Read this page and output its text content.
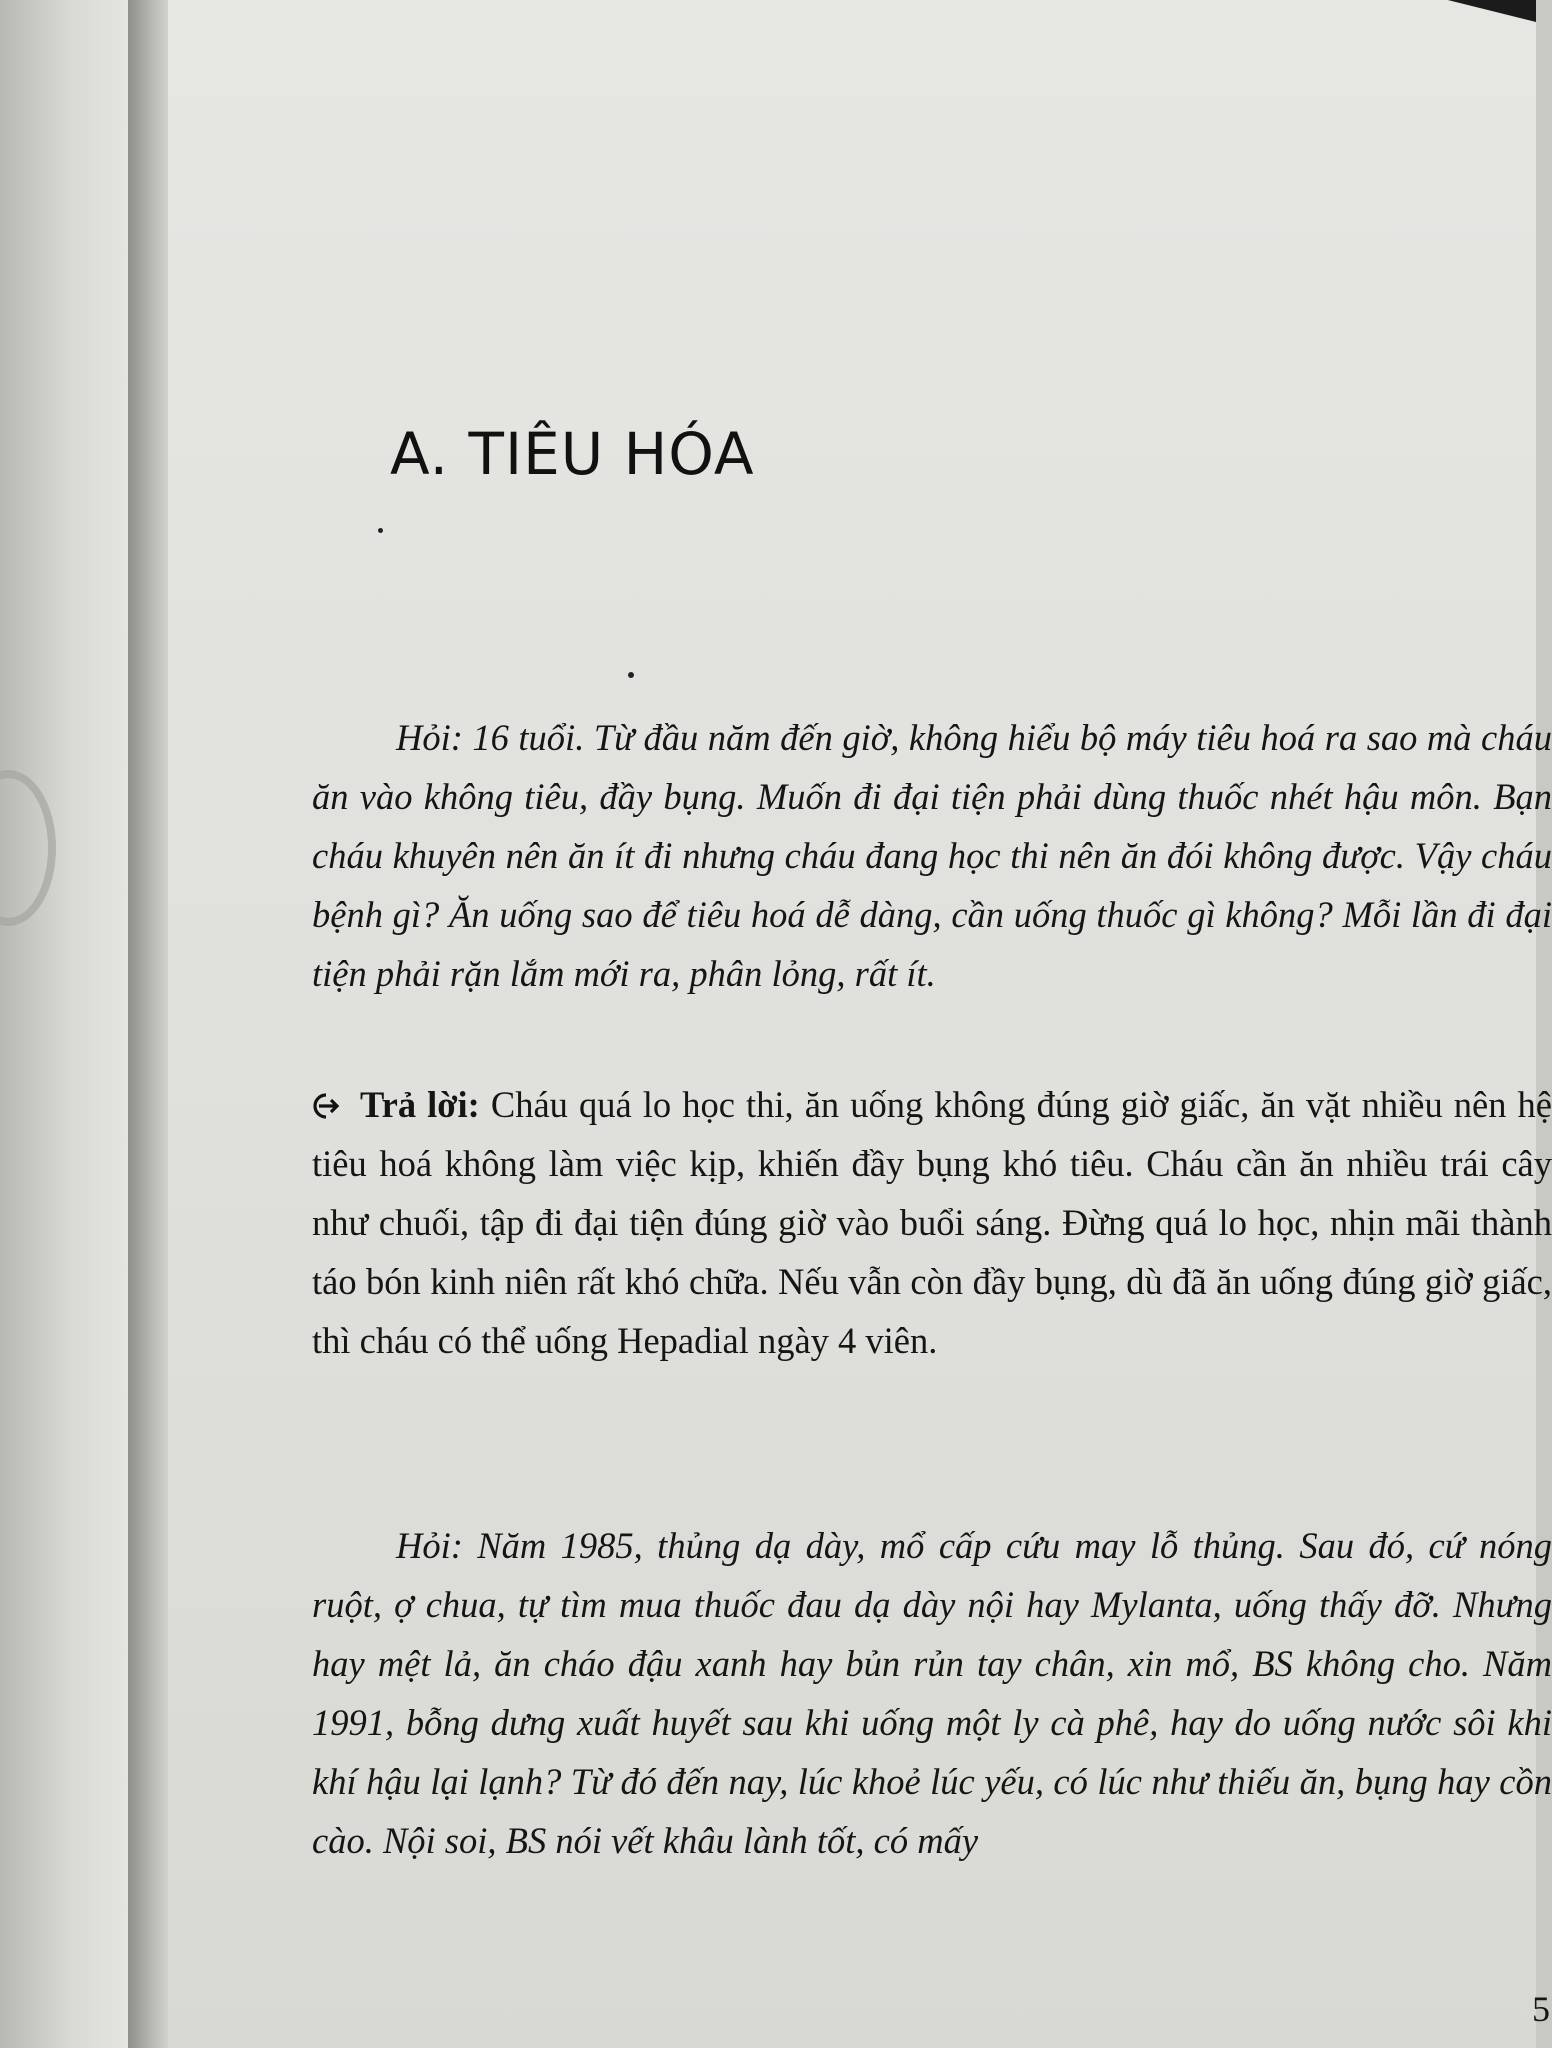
A. TIÊU HÓA

Hỏi: 16 tuổi. Từ đầu năm đến giờ, không hiểu bộ máy tiêu hoá ra sao mà cháu ăn vào không tiêu, đầy bụng. Muốn đi đại tiện phải dùng thuốc nhét hậu môn. Bạn cháu khuyên nên ăn ít đi nhưng cháu đang học thi nên ăn đói không được. Vậy cháu bệnh gì? Ăn uống sao để tiêu hoá dễ dàng, cần uống thuốc gì không? Mỗi lần đi đại tiện phải rặn lắm mới ra, phân lỏng, rất ít.

Trả lời: Cháu quá lo học thi, ăn uống không đúng giờ giấc, ăn vặt nhiều nên hệ tiêu hoá không làm việc kịp, khiến đầy bụng khó tiêu. Cháu cần ăn nhiều trái cây như chuối, tập đi đại tiện đúng giờ vào buổi sáng. Đừng quá lo học, nhịn mãi thành táo bón kinh niên rất khó chữa. Nếu vẫn còn đầy bụng, dù đã ăn uống đúng giờ giấc, thì cháu có thể uống Hepadial ngày 4 viên.

Hỏi: Năm 1985, thủng dạ dày, mổ cấp cứu may lỗ thủng. Sau đó, cứ nóng ruột, ợ chua, tự tìm mua thuốc đau dạ dày nội hay Mylanta, uống thấy đỡ. Nhưng hay mệt lả, ăn cháo đậu xanh hay bủn rủn tay chân, xin mổ, BS không cho. Năm 1991, bỗng dưng xuất huyết sau khi uống một ly cà phê, hay do uống nước sôi khi khí hậu lại lạnh? Từ đó đến nay, lúc khoẻ lúc yếu, có lúc như thiếu ăn, bụng hay cồn cào. Nội soi, BS nói vết khâu lành tốt, có mấy

5
